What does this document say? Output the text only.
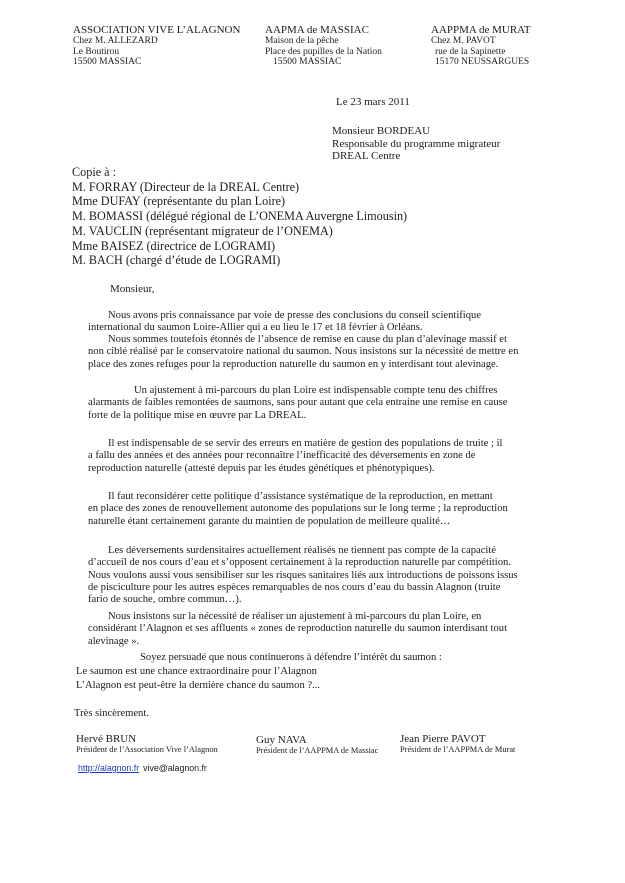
ASSOCIATION VIVE L’ALAGNON
Chez M. ALLEZARD
Le Boutirou
15500 MASSIAC
AAPMA de MASSIAC
Maison de la pêche
Place des pupilles de la Nation
15500 MASSIAC
AAPPMA de MURAT
Chez M. PAVOT
rue de la Sapinette
15170 NEUSSARGUES
Le 23 mars 2011
Monsieur BORDEAU
Responsable du programme migrateur
DREAL Centre
Copie à :
M. FORRAY (Directeur de la DREAL Centre)
Mme DUFAY (représentante du plan Loire)
M. BOMASSI (délégué régional de L’ONEMA Auvergne Limousin)
M. VAUCLIN (représentant migrateur de l’ONEMA)
Mme BAISEZ (directrice de LOGRAMI)
M. BACH (chargé d’étude de LOGRAMI)
Monsieur,
Nous avons pris connaissance par voie de presse des conclusions du conseil scientifique
international du saumon Loire-Allier qui a eu lieu le 17 et 18 février à Orléans.
Nous sommes toutefois étonnés de l’absence de remise en cause du plan d’alevinage massif et
non ciblé réalisé par le conservatoire national du saumon. Nous insistons sur la nécessité de mettre en
place des zones refuges pour la reproduction naturelle du saumon en y interdisant tout alevinage.
Un ajustement à mi-parcours du plan Loire est indispensable compte tenu des chiffres
alarmants de faibles remontées de saumons, sans pour autant que cela entraine une remise en cause
forte de la politique mise en œuvre par La DREAL.
Il est indispensable de se servir des erreurs en matière de gestion des populations de truite ; il
a fallu des années et des années pour reconnaître l’inefficacité des déversements en zone de
reproduction naturelle (attesté depuis par les études génétiques et phénotypiques).
Il faut reconsidérer cette politique d’assistance systématique de la reproduction, en mettant
en place des zones de renouvellement autonome des populations sur le long terme ; la reproduction
naturelle étant certainement garante du maintien de population de meilleure qualité…
Les déversements surdensitaires actuellement réalisés ne tiennent pas compte de la capacité
d’accueil de nos cours d’eau et s’opposent certainement à la reproduction naturelle par compétition.
Nous voulons aussi vous sensibiliser sur les risques sanitaires liés aux introductions de poissons issus
de pisciculture pour les autres espèces remarquables de nos cours d’eau du bassin Alagnon (truite
fario de souche, ombre commun…).
Nous insistons sur la nécessité de réaliser un ajustement à mi-parcours du plan Loire, en
considérant l’Alagnon et ses affluents « zones de reproduction naturelle du saumon interdisant tout
alevinage ».
Soyez persuadé que nous continuerons à défendre l’intérêt du saumon :
Le saumon est une chance extraordinaire pour l’Alagnon
L’Alagnon est peut-être la dernière chance du saumon ?...
Très sincèrement.
Hervé BRUN
Président de l’Association Vive l’Alagnon
Guy NAVA
Président de l’AAPPMA de Massiac
Jean Pierre PAVOT
Président de l’AAPPMA de Murat
http://alagnon.fr vive@alagnon.fr
